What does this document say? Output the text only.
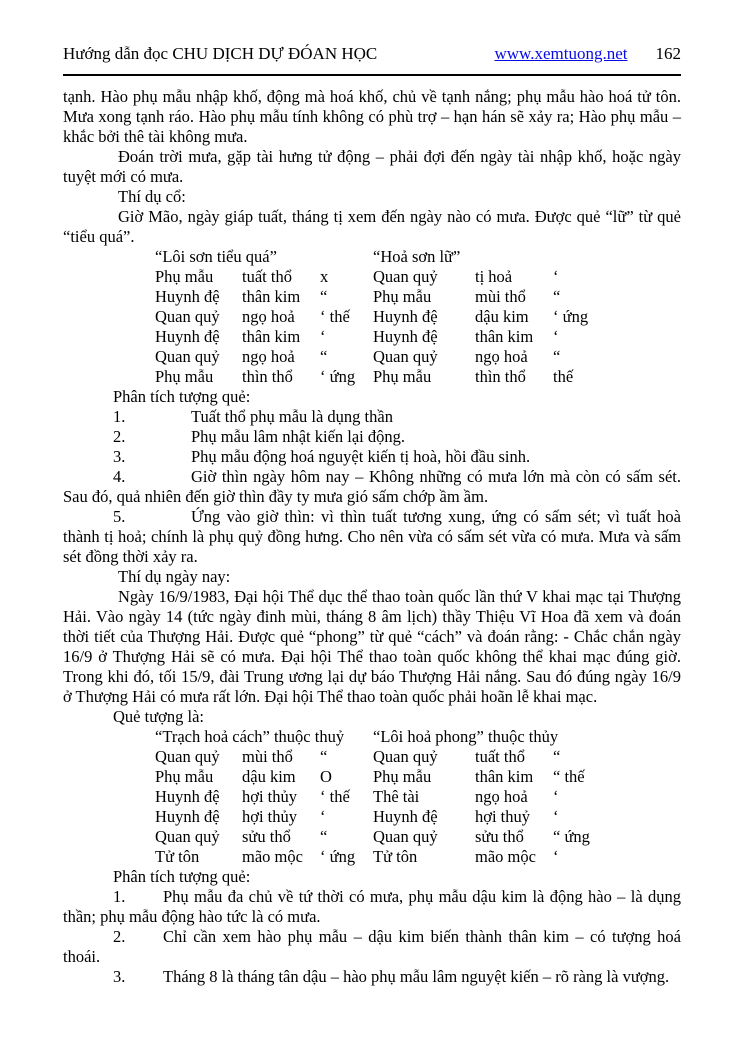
Hướng dẫn đọc CHU DỊCH DỰ ĐÓAN HỌC	www.xemtuong.net 162

tạnh. Hào phụ mẫu nhập khố, động mà hoá khố, chủ về tạnh nắng; phụ mẫu hào hoá tử tôn. Mưa xong tạnh ráo. Hào phụ mẫu tính không có phù trợ – hạn hán sẽ xảy ra; Hào phụ mẫu – khắc bởi thê tài không mưa.

Đoán trời mưa, gặp tài hưng tử động – phải đợi đến ngày tài nhập khố, hoặc ngày tuyệt mới có mưa.

Thí dụ cổ:

Giờ Mão, ngày giáp tuất, tháng tị xem đến ngày nào có mưa. Được quẻ “lữ” từ quẻ “tiểu quá”.

“Lôi sơn tiểu quá”	“Hoả sơn lữ”
Phụ mẫu	tuất thổ	x	Quan quỷ	tị hoả	‘
Huynh đệ	thân kim	“	Phụ mẫu	mùi thổ	“
Quan quỷ	ngọ hoả	‘ thế	Huynh đệ	dậu kim	‘ ứng
Huynh đệ	thân kim	‘	Huynh đệ	thân kim	‘
Quan quỷ	ngọ hoả	“	Quan quỷ	ngọ hoả	“
Phụ mẫu	thìn thổ	‘ ứng	Phụ mẫu	thìn thổ	thế

Phân tích tượng quẻ:

1.	Tuất thổ phụ mẫu là dụng thần
2.	Phụ mẫu lâm nhật kiến lại động.
3.	Phụ mẫu động hoá nguyệt kiến tị hoà, hồi đầu sinh.
4.	Giờ thìn ngày hôm nay – Không những có mưa lớn mà còn có sấm sét. Sau đó, quả nhiên đến giờ thìn đầy ty mưa gió sấm chớp ầm ầm.
5.	Ứng vào giờ thìn: vì thìn tuất tương xung, ứng có sấm sét; vì tuất hoà thành tị hoả; chính là phụ quỷ đồng hưng. Cho nên vừa có sấm sét vừa có mưa. Mưa và sấm sét đồng thời xảy ra.

Thí dụ ngày nay:

Ngày 16/9/1983, Đại hội Thể dục thể thao toàn quốc lần thứ V khai mạc tại Thượng Hải. Vào ngày 14 (tức ngày đinh mùi, tháng 8 âm lịch) thầy Thiệu Vĩ Hoa đã xem và đoán thời tiết của Thượng Hải. Được quẻ “phong” từ quẻ “cách” và đoán rằng: - Chắc chắn ngày 16/9 ở Thượng Hải sẽ có mưa. Đại hội Thể thao toàn quốc không thể khai mạc đúng giờ. Trong khi đó, tối 15/9, đài Trung ương lại dự báo Thượng Hải nắng. Sau đó đúng ngày 16/9 ở Thượng Hải có mưa rất lớn. Đại hội Thể thao toàn quốc phải hoãn lễ khai mạc.

Quẻ tượng là:

“Trạch hoả cách” thuộc thuỷ	“Lôi hoả phong” thuộc thủy
Quan quỷ	mùi thổ	“	Quan quỷ	tuất thổ	“
Phụ mẫu	dậu kim	O	Phụ mẫu	thân kim	“ thế
Huynh đệ	hợi thủy	‘ thế	Thê tài	ngọ hoả	‘
Huynh đệ	hợi thủy	‘	Huynh đệ	hợi thuỷ	‘
Quan quỷ	sửu thổ	“	Quan quỷ	sửu thổ	“ ứng
Tử tôn	mão mộc	‘ ứng	Tử tôn	mão mộc	‘

Phân tích tượng quẻ:

1. Phụ mẫu đa chủ về tứ thời có mưa, phụ mẫu dậu kim là động hào – là dụng thần; phụ mẫu động hào tức là có mưa.
2. Chỉ cần xem hào phụ mẫu – dậu kim biến thành thân kim – có tượng hoá thoái.
3. Tháng 8 là tháng tân dậu – hào phụ mẫu lâm nguyệt kiến – rõ ràng là vượng.
